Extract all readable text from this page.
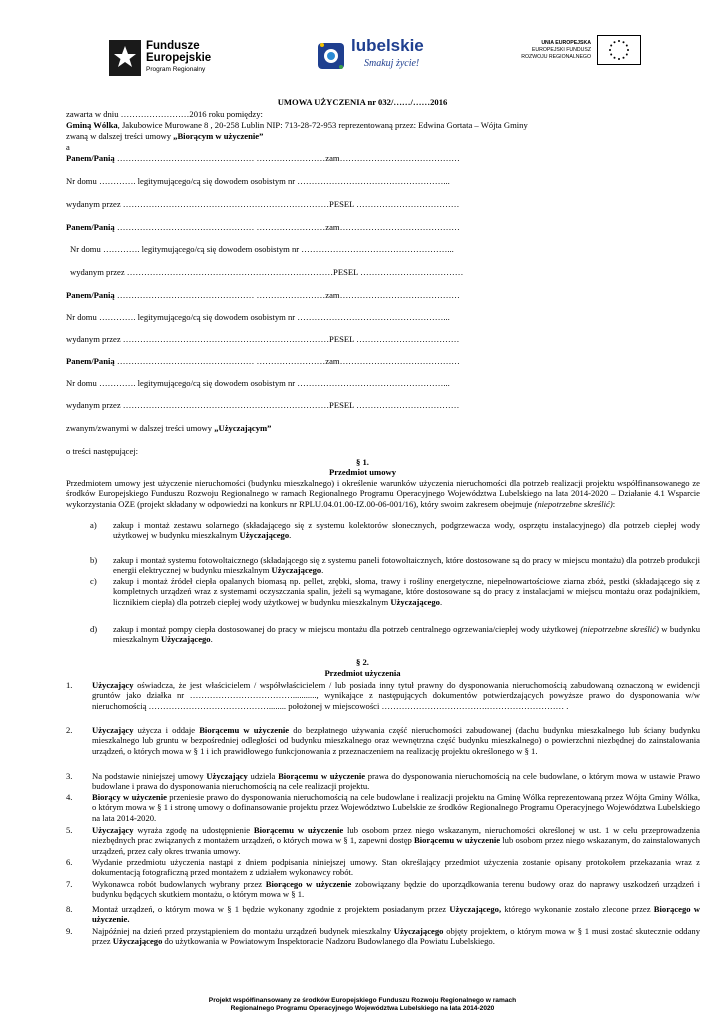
Fundusze
Europejskie
Program Regionalny
lubelskie
Smakuj życie!
UNIA EUROPEJSKA
EUROPEJSKI FUNDUSZ
ROZWOJU REGIONALNEGO
UMOWA UŻYCZENIA nr 032/……/……2016
zawarta w dniu ……………………2016 roku pomiędzy:
Gminą Wólka, Jakubowice Murowane 8 , 20-258 Lublin NIP: 713-28-72-953 reprezentowaną przez: Edwina Gortata – Wójta Gminy
zwaną w dalszej treści umowy „Biorącym w użyczenie”
a
Panem/Panią ………………………………………… ……………………zam……………………………………
Nr domu …………. legitymującego/cą się dowodem osobistym nr ……………………………………………...
wydanym przez ………………………………………………………………PESEL ………………………………
Panem/Panią ………………………………………… ……………………zam……………………………………
Nr domu …………. legitymującego/cą się dowodem osobistym nr ……………………………………………...
wydanym przez ………………………………………………………………PESEL ………………………………
Panem/Panią ………………………………………… ……………………zam……………………………………
Nr domu …………. legitymującego/cą się dowodem osobistym nr ……………………………………………...
wydanym przez ………………………………………………………………PESEL ………………………………
Panem/Panią ………………………………………… ……………………zam……………………………………
Nr domu …………. legitymującego/cą się dowodem osobistym nr ……………………………………………...
wydanym przez ………………………………………………………………PESEL ………………………………
zwanym/zwanymi w dalszej treści umowy „Użyczającym”
o treści następującej:
§ 1.
Przedmiot umowy
Przedmiotem umowy jest użyczenie nieruchomości (budynku mieszkalnego) i określenie warunków użyczenia nieruchomości dla potrzeb realizacji projektu współfinansowanego ze środków Europejskiego Funduszu Rozwoju Regionalnego w ramach Regionalnego Programu Operacyjnego Województwa Lubelskiego na lata 2014-2020 – Działanie 4.1 Wsparcie wykorzystania OZE (projekt składany w odpowiedzi na konkurs nr RPLU.04.01.00-IZ.00-06-001/16), który swoim zakresem obejmuje (niepotrzebne skreślić):
a) zakup i montaż zestawu solarnego (składającego się z systemu kolektorów słonecznych, podgrzewacza wody, osprzętu instalacyjnego) dla potrzeb ciepłej wody użytkowej w budynku mieszkalnym Użyczającego.
b) zakup i montaż systemu fotowoltaicznego (składającego się z systemu paneli fotowoltaicznych, które dostosowane są do pracy w miejscu montażu) dla potrzeb produkcji energii elektrycznej w budynku mieszkalnym Użyczającego.
c) zakup i montaż źródeł ciepła opalanych biomasą np. pellet, zrębki, słoma, trawy i rośliny energetyczne, niepełnowartościowe ziarna zbóż, pestki (składającego się z kompletnych urządzeń wraz z systemami oczyszczania spalin, jeżeli są wymagane, które dostosowane są do pracy z instalacjami w miejscu montażu oraz podajnikiem, licznikiem ciepła) dla potrzeb ciepłej wody użytkowej w budynku mieszkalnym Użyczającego.
d) zakup i montaż pompy ciepła dostosowanej do pracy w miejscu montażu dla potrzeb centralnego ogrzewania/ciepłej wody użytkowej (niepotrzebne skreślić) w budynku mieszkalnym Użyczającego.
§ 2.
Przedmiot użyczenia
1. Użyczający oświadcza, że jest właścicielem / współwłaścicielem / lub posiada inny tytuł prawny do dysponowania nieruchomością zabudowaną oznaczoną w ewidencji gruntów jako działka nr ………………………………..........., wynikające z następujących dokumentów potwierdzających powyższe prawo do dysponowania w/w nieruchomością ……………………………………........ położonej w miejscowości ……………………………….……………………… .
2. Użyczający użycza i oddaje Biorącemu w użyczenie do bezpłatnego używania część nieruchomości zabudowanej (dachu budynku mieszkalnego lub ściany budynku mieszkalnego lub gruntu w bezpośredniej odległości od budynku mieszkalnego oraz wewnętrzna część budynku mieszkalnego) o powierzchni niezbędnej do zainstalowania urządzeń, o których mowa w § 1 i ich prawidłowego funkcjonowania z przeznaczeniem na realizację projektu określonego w § 1.
3. Na podstawie niniejszej umowy Użyczający udziela Biorącemu w użyczenie prawa do dysponowania nieruchomością na cele budowlane, o którym mowa w ustawie Prawo budowlane i prawa do dysponowania nieruchomością na cele realizacji projektu.
4. Biorący w użyczenie przeniesie prawo do dysponowania nieruchomością na cele budowlane i realizacji projektu na Gminę Wólka reprezentowaną przez Wójta Gminy Wólka, o którym mowa w § 1 i stronę umowy o dofinansowanie projektu przez Województwo Lubelskie ze środków Regionalnego Programu Operacyjnego Województwa Lubelskiego na lata 2014-2020.
5. Użyczający wyraża zgodę na udostępnienie Biorącemu w użyczenie lub osobom przez niego wskazanym, nieruchomości określonej w ust. 1 w celu przeprowadzenia niezbędnych prac związanych z montażem urządzeń, o których mowa w § 1, zapewni dostęp Biorącemu w użyczenie lub osobom przez niego wskazanym, do zainstalowanych urządzeń, przez cały okres trwania umowy.
6. Wydanie przedmiotu użyczenia nastąpi z dniem podpisania niniejszej umowy. Stan określający przedmiot użyczenia zostanie opisany protokołem przekazania wraz z dokumentacją fotograficzną przed montażem z udziałem wykonawcy robót.
7. Wykonawca robót budowlanych wybrany przez Biorącego w użyczenie zobowiązany będzie do uporządkowania terenu budowy oraz do naprawy uszkodzeń urządzeń i budynku będących skutkiem montażu, o którym mowa w § 1.
8. Montaż urządzeń, o którym mowa w § 1 będzie wykonany zgodnie z projektem posiadanym przez Użyczającego, którego wykonanie zostało zlecone przez Biorącego w użyczenie.
9. Najpóźniej na dzień przed przystąpieniem do montażu urządzeń budynek mieszkalny Użyczającego objęty projektem, o którym mowa w § 1 musi zostać skutecznie oddany przez Użyczającego do użytkowania w Powiatowym Inspektoracie Nadzoru Budowlanego dla Powiatu Lubelskiego.
Projekt współfinansowany ze środków Europejskiego Funduszu Rozwoju Regionalnego w ramach
Regionalnego Programu Operacyjnego Województwa Lubelskiego na lata 2014-2020
